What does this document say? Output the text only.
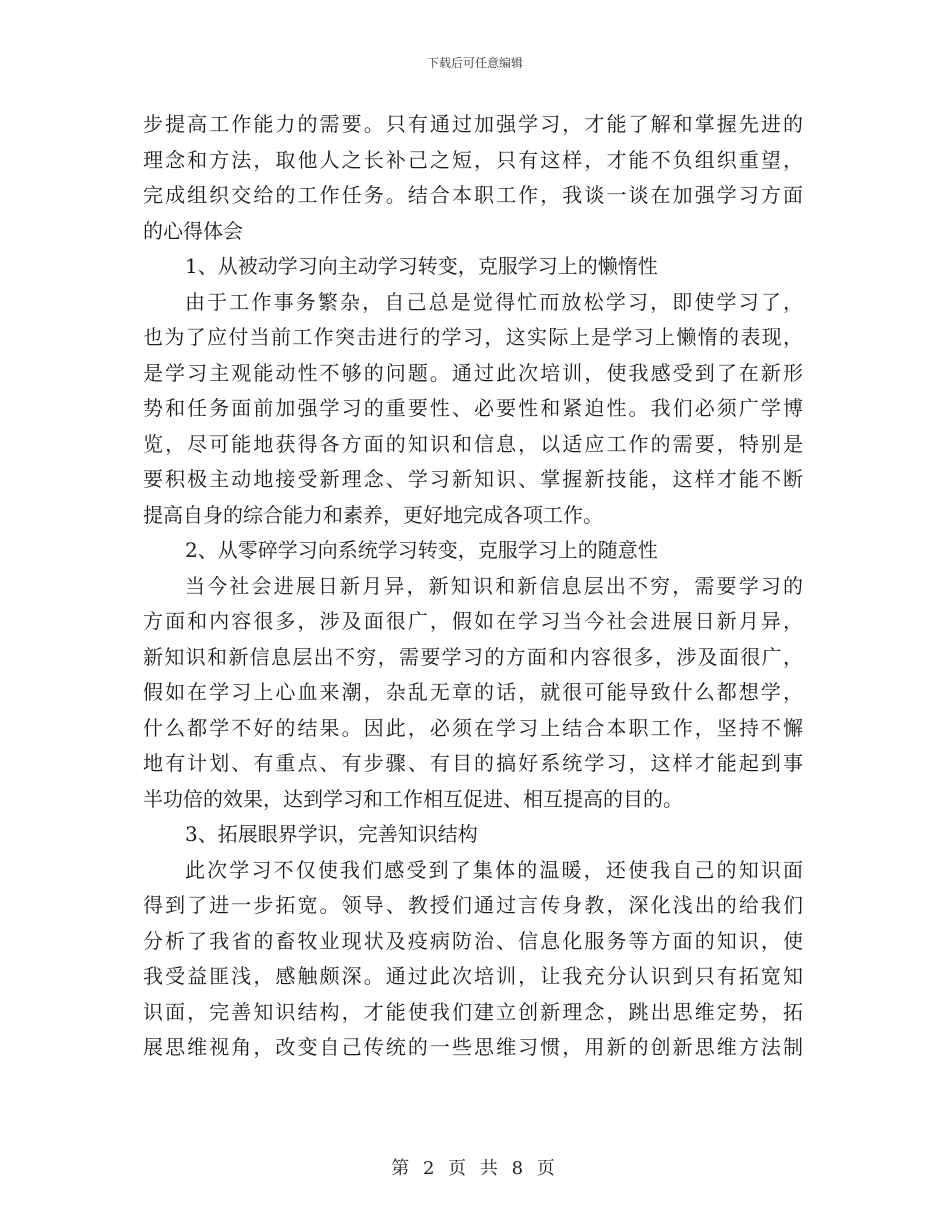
下载后可任意编辑
步提高工作能力的需要。只有通过加强学习，才能了解和掌握先进的
理念和方法，取他人之长补己之短，只有这样，才能不负组织重望，
完成组织交给的工作任务。结合本职工作，我谈一谈在加强学习方面
的心得体会
1、从被动学习向主动学习转变，克服学习上的懒惰性
由于工作事务繁杂，自己总是觉得忙而放松学习，即使学习了，
也为了应付当前工作突击进行的学习，这实际上是学习上懒惰的表现，
是学习主观能动性不够的问题。通过此次培训，使我感受到了在新形
势和任务面前加强学习的重要性、必要性和紧迫性。我们必须广学博
览，尽可能地获得各方面的知识和信息，以适应工作的需要，特别是
要积极主动地接受新理念、学习新知识、掌握新技能，这样才能不断
提高自身的综合能力和素养，更好地完成各项工作。
2、从零碎学习向系统学习转变，克服学习上的随意性
当今社会进展日新月异，新知识和新信息层出不穷，需要学习的
方面和内容很多，涉及面很广，假如在学习当今社会进展日新月异，
新知识和新信息层出不穷，需要学习的方面和内容很多，涉及面很广，
假如在学习上心血来潮，杂乱无章的话，就很可能导致什么都想学，
什么都学不好的结果。因此，必须在学习上结合本职工作，坚持不懈
地有计划、有重点、有步骤、有目的搞好系统学习，这样才能起到事
半功倍的效果，达到学习和工作相互促进、相互提高的目的。
3、拓展眼界学识，完善知识结构
此次学习不仅使我们感受到了集体的温暖，还使我自己的知识面
得到了进一步拓宽。领导、教授们通过言传身教，深化浅出的给我们
分析了我省的畜牧业现状及疫病防治、信息化服务等方面的知识，使
我受益匪浅，感触颇深。通过此次培训，让我充分认识到只有拓宽知
识面，完善知识结构，才能使我们建立创新理念，跳出思维定势，拓
展思维视角，改变自己传统的一些思维习惯，用新的创新思维方法制
第 2 页 共 8 页
